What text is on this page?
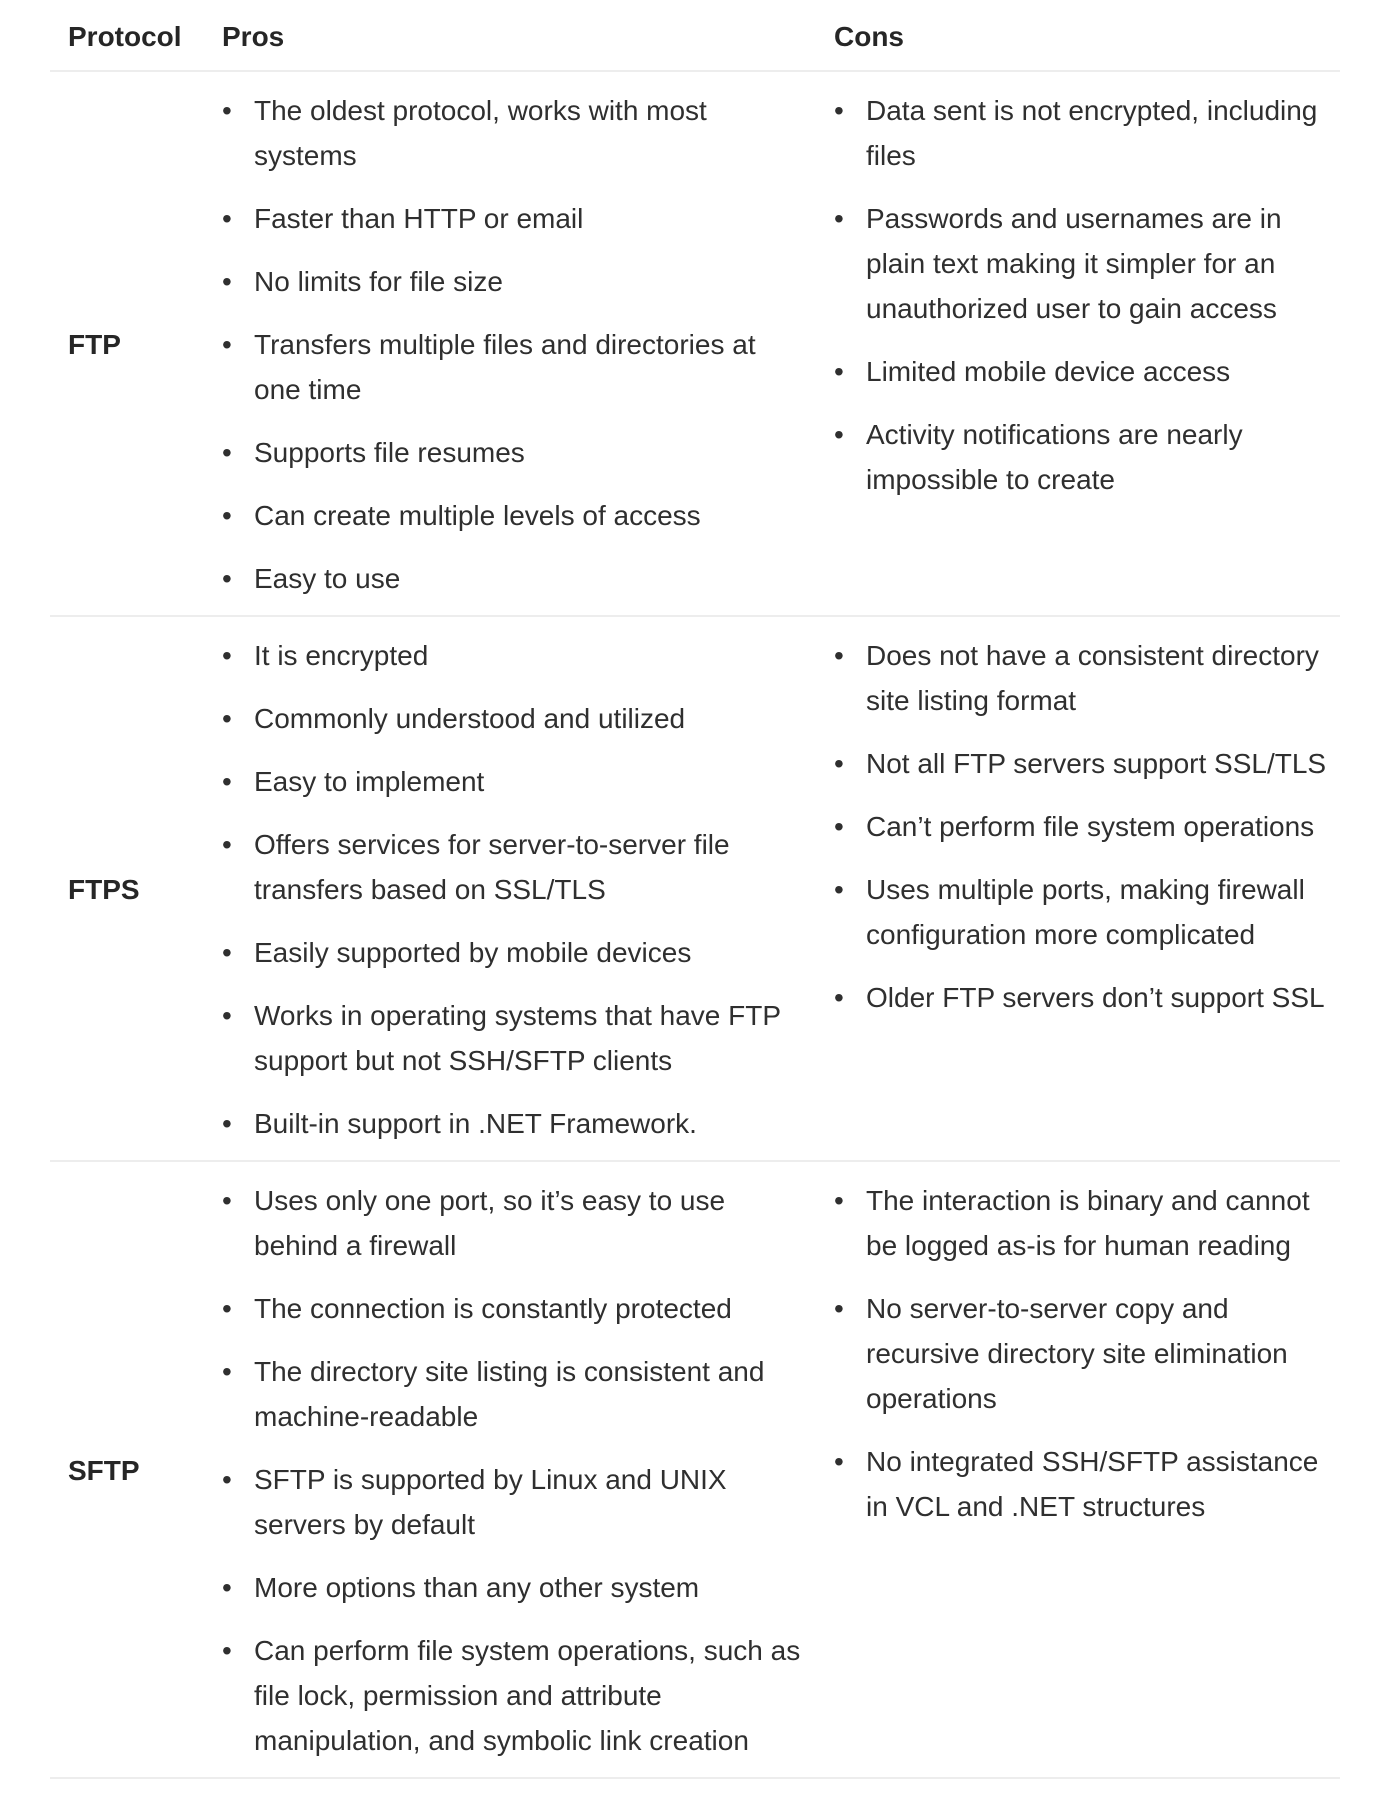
Protocol	Pros	Cons
FTP
• The oldest protocol, works with most systems
• Faster than HTTP or email
• No limits for file size
• Transfers multiple files and directories at one time
• Supports file resumes
• Can create multiple levels of access
• Easy to use
• Data sent is not encrypted, including files
• Passwords and usernames are in plain text making it simpler for an unauthorized user to gain access
• Limited mobile device access
• Activity notifications are nearly impossible to create
FTPS
• It is encrypted
• Commonly understood and utilized
• Easy to implement
• Offers services for server-to-server file transfers based on SSL/TLS
• Easily supported by mobile devices
• Works in operating systems that have FTP support but not SSH/SFTP clients
• Built-in support in .NET Framework.
• Does not have a consistent directory site listing format
• Not all FTP servers support SSL/TLS
• Can’t perform file system operations
• Uses multiple ports, making firewall configuration more complicated
• Older FTP servers don’t support SSL
SFTP
• Uses only one port, so it’s easy to use behind a firewall
• The connection is constantly protected
• The directory site listing is consistent and machine-readable
• SFTP is supported by Linux and UNIX servers by default
• More options than any other system
• Can perform file system operations, such as file lock, permission and attribute manipulation, and symbolic link creation
• The interaction is binary and cannot be logged as-is for human reading
• No server-to-server copy and recursive directory site elimination operations
• No integrated SSH/SFTP assistance in VCL and .NET structures
